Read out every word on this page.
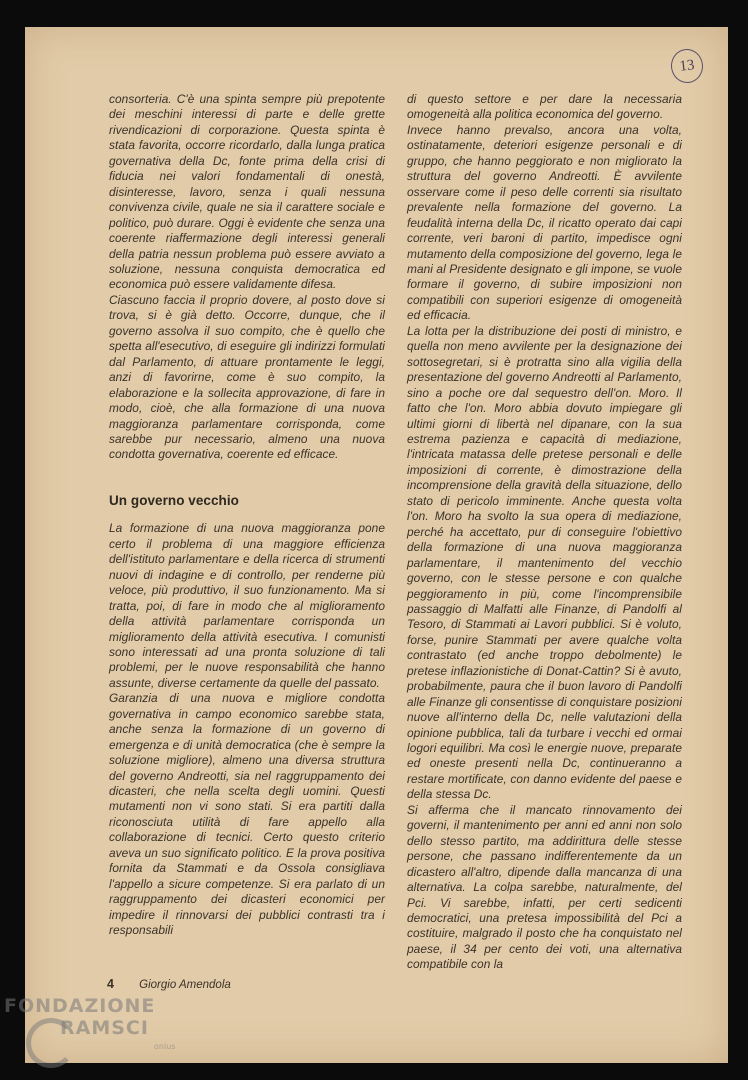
13

consorteria. C'è una spinta sempre più prepotente dei meschini interessi di parte e delle grette rivendicazioni di corporazione. Questa spinta è stata favorita, occorre ricordarlo, dalla lunga pratica governativa della Dc, fonte prima della crisi di fiducia nei valori fondamentali di onestà, disinteresse, lavoro, senza i quali nessuna convivenza civile, quale ne sia il carattere sociale e politico, può durare. Oggi è evidente che senza una coerente riaffermazione degli interessi generali della patria nessun problema può essere avviato a soluzione, nessuna conquista democratica ed economica può essere validamente difesa.

Ciascuno faccia il proprio dovere, al posto dove si trova, si è già detto. Occorre, dunque, che il governo assolva il suo compito, che è quello che spetta all'esecutivo, di eseguire gli indirizzi formulati dal Parlamento, di attuare prontamente le leggi, anzi di favorirne, come è suo compito, la elaborazione e la sollecita approvazione, di fare in modo, cioè, che alla formazione di una nuova maggioranza parlamentare corrisponda, come sarebbe pur necessario, almeno una nuova condotta governativa, coerente ed efficace.

Un governo vecchio

La formazione di una nuova maggioranza pone certo il problema di una maggiore efficienza dell'istituto parlamentare e della ricerca di strumenti nuovi di indagine e di controllo, per renderne più veloce, più produttivo, il suo funzionamento. Ma si tratta, poi, di fare in modo che al miglioramento della attività parlamentare corrisponda un miglioramento della attività esecutiva. I comunisti sono interessati ad una pronta soluzione di tali problemi, per le nuove responsabilità che hanno assunte, diverse certamente da quelle del passato.

Garanzia di una nuova e migliore condotta governativa in campo economico sarebbe stata, anche senza la formazione di un governo di emergenza e di unità democratica (che è sempre la soluzione migliore), almeno una diversa struttura del governo Andreotti, sia nel raggruppamento dei dicasteri, che nella scelta degli uomini. Questi mutamenti non vi sono stati. Si era partiti dalla riconosciuta utilità di fare appello alla collaborazione di tecnici. Certo questo criterio aveva un suo significato politico. E la prova positiva fornita da Stammati e da Ossola consigliava l'appello a sicure competenze. Si era parlato di un raggruppamento dei dicasteri economici per impedire il rinnovarsi dei pubblici contrasti tra i responsabili

di questo settore e per dare la necessaria omogeneità alla politica economica del governo.

Invece hanno prevalso, ancora una volta, ostinatamente, deteriori esigenze personali e di gruppo, che hanno peggiorato e non migliorato la struttura del governo Andreotti. È avvilente osservare come il peso delle correnti sia risultato prevalente nella formazione del governo. La feudalità interna della Dc, il ricatto operato dai capi corrente, veri baroni di partito, impedisce ogni mutamento della composizione del governo, lega le mani al Presidente designato e gli impone, se vuole formare il governo, di subire imposizioni non compatibili con superiori esigenze di omogeneità ed efficacia.

La lotta per la distribuzione dei posti di ministro, e quella non meno avvilente per la designazione dei sottosegretari, si è protratta sino alla vigilia della presentazione del governo Andreotti al Parlamento, sino a poche ore dal sequestro dell'on. Moro. Il fatto che l'on. Moro abbia dovuto impiegare gli ultimi giorni di libertà nel dipanare, con la sua estrema pazienza e capacità di mediazione, l'intricata matassa delle pretese personali e delle imposizioni di corrente, è dimostrazione della incomprensione della gravità della situazione, dello stato di pericolo imminente. Anche questa volta l'on. Moro ha svolto la sua opera di mediazione, perché ha accettato, pur di conseguire l'obiettivo della formazione di una nuova maggioranza parlamentare, il mantenimento del vecchio governo, con le stesse persone e con qualche peggioramento in più, come l'incomprensibile passaggio di Malfatti alle Finanze, di Pandolfi al Tesoro, di Stammati ai Lavori pubblici. Si è voluto, forse, punire Stammati per avere qualche volta contrastato (ed anche troppo debolmente) le pretese inflazionistiche di Donat-Cattin? Si è avuto, probabilmente, paura che il buon lavoro di Pandolfi alle Finanze gli consentisse di conquistare posizioni nuove all'interno della Dc, nelle valutazioni della opinione pubblica, tali da turbare i vecchi ed ormai logori equilibri. Ma così le energie nuove, preparate ed oneste presenti nella Dc, continueranno a restare mortificate, con danno evidente del paese e della stessa Dc.

Si afferma che il mancato rinnovamento dei governi, il mantenimento per anni ed anni non solo dello stesso partito, ma addirittura delle stesse persone, che passano indifferentemente da un dicastero all'altro, dipende dalla mancanza di una alternativa. La colpa sarebbe, naturalmente, del Pci. Vi sarebbe, infatti, per certi sedicenti democratici, una pretesa impossibilità del Pci a costituire, malgrado il posto che ha conquistato nel paese, il 34 per cento dei voti, una alternativa compatibile con la

4 Giorgio Amendola
FONDAZIONE
RAMSCI
onlus
